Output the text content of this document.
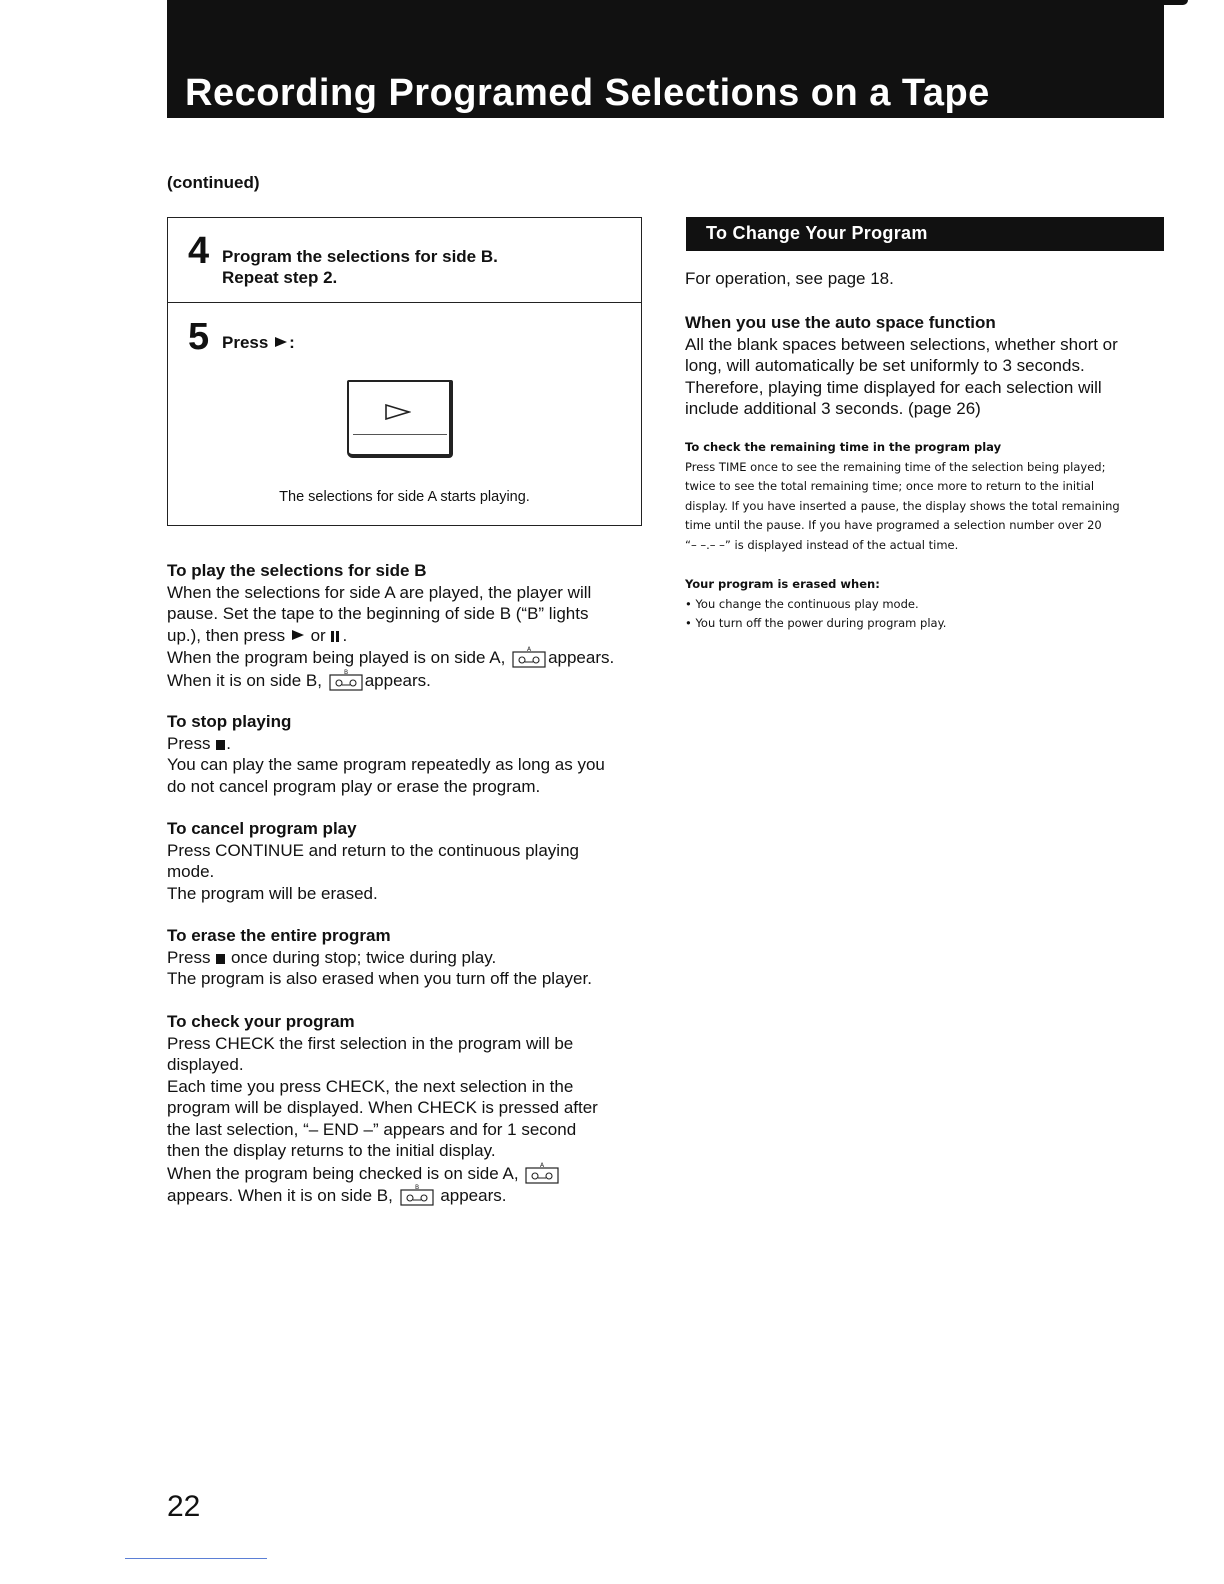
Recording Programed Selections on a Tape
(continued)
4 Program the selections for side B.
Repeat step 2.
5 Press :
The selections for side A starts playing.
To play the selections for side B
When the selections for side A are played, the player will
pause. Set the tape to the beginning of side B (“B” lights
up.), then press or .
When the program being played is on side A,	A appears.
When it is on side B,	B appears.
To stop playing
Press .
You can play the same program repeatedly as long as you
do not cancel program play or erase the program.
To cancel program play
Press CONTINUE and return to the continuous playing
mode.
The program will be erased.
To erase the entire program
Press once during stop; twice during play.
The program is also erased when you turn off the player.
To check your program
Press CHECK the first selection in the program will be
displayed.
Each time you press CHECK, the next selection in the
program will be displayed. When CHECK is pressed after
the last selection, “– END –” appears and for 1 second
then the display returns to the initial display.
When the program being checked is on side A,	A
appears. When it is on side B,	B appears.
To Change Your Program
For operation, see page 18.
When you use the auto space function
All the blank spaces between selections, whether short or
long, will automatically be set uniformly to 3 seconds.
Therefore, playing time displayed for each selection will
include additional 3 seconds. (page 26)
To check the remaining time in the program play
Press TIME once to see the remaining time of the selection being played;
twice to see the total remaining time; once more to return to the initial
display. If you have inserted a pause, the display shows the total remaining
time until the pause. If you have programed a selection number over 20
“– –.– –” is displayed instead of the actual time.
Your program is erased when:
• You change the continuous play mode.
• You turn off the power during program play.
22
